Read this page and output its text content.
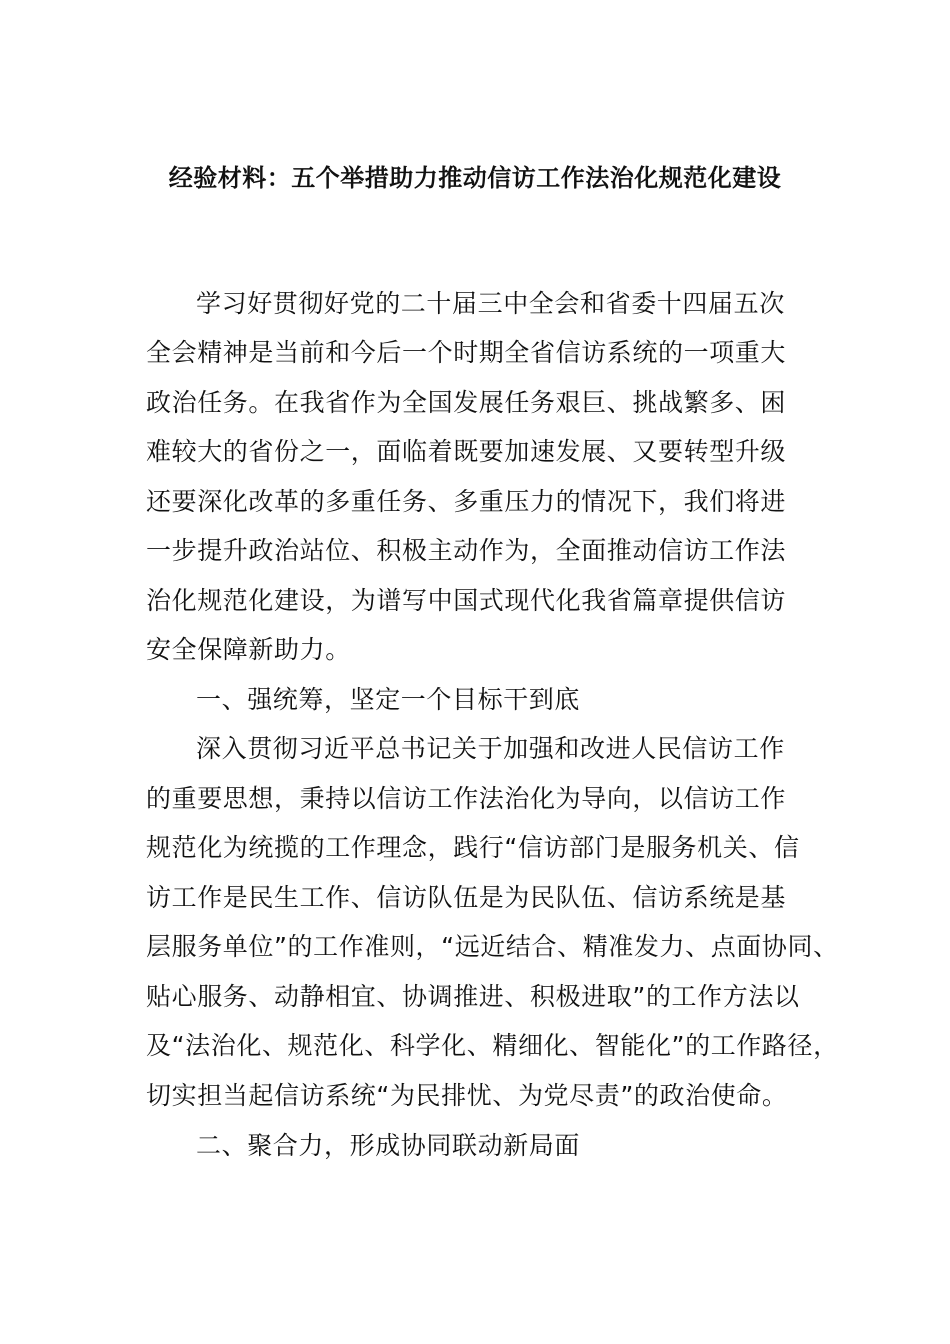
经验材料：五个举措助力推动信访工作法治化规范化建设
学习好贯彻好党的二十届三中全会和省委十四届五次
全会精神是当前和今后一个时期全省信访系统的一项重大
政治任务。在我省作为全国发展任务艰巨、挑战繁多、困
难较大的省份之一，面临着既要加速发展、又要转型升级
还要深化改革的多重任务、多重压力的情况下，我们将进
一步提升政治站位、积极主动作为，全面推动信访工作法
治化规范化建设，为谱写中国式现代化我省篇章提供信访
安全保障新助力。
一、强统筹，坚定一个目标干到底
深入贯彻习近平总书记关于加强和改进人民信访工作
的重要思想，秉持以信访工作法治化为导向，以信访工作
规范化为统揽的工作理念，践行“信访部门是服务机关、信
访工作是民生工作、信访队伍是为民队伍、信访系统是基
层服务单位”的工作准则，“远近结合、精准发力、点面协同、
贴心服务、动静相宜、协调推进、积极进取”的工作方法以
及“法治化、规范化、科学化、精细化、智能化”的工作路径，
切实担当起信访系统“为民排忧、为党尽责”的政治使命。
二、聚合力，形成协同联动新局面
